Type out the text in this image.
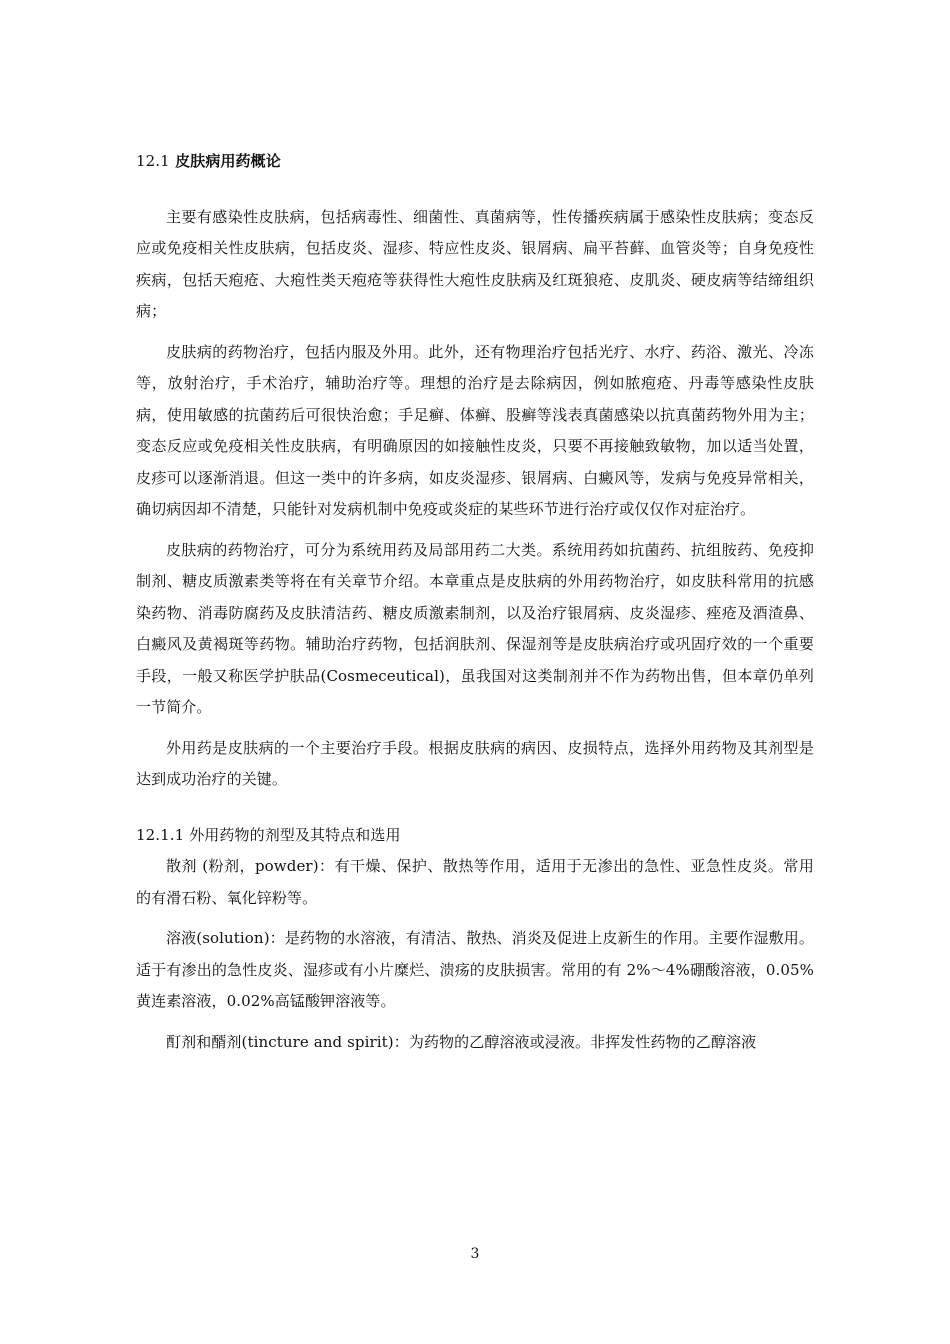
12.1 皮肤病用药概论

主要有感染性皮肤病，包括病毒性、细菌性、真菌病等，性传播疾病属于感染性皮肤病；变态反应或免疫相关性皮肤病，包括皮炎、湿疹、特应性皮炎、银屑病、扁平苔藓、血管炎等；自身免疫性疾病，包括天疱疮、大疱性类天疱疮等获得性大疱性皮肤病及红斑狼疮、皮肌炎、硬皮病等结缔组织病；

皮肤病的药物治疗，包括内服及外用。此外，还有物理治疗包括光疗、水疗、药浴、激光、冷冻等，放射治疗，手术治疗，辅助治疗等。理想的治疗是去除病因，例如脓疱疮、丹毒等感染性皮肤病，使用敏感的抗菌药后可很快治愈；手足癣、体癣、股癣等浅表真菌感染以抗真菌药物外用为主；变态反应或免疫相关性皮肤病，有明确原因的如接触性皮炎，只要不再接触致敏物，加以适当处置，皮疹可以逐渐消退。但这一类中的许多病，如皮炎湿疹、银屑病、白癜风等，发病与免疫异常相关，确切病因却不清楚，只能针对发病机制中免疫或炎症的某些环节进行治疗或仅仅作对症治疗。

皮肤病的药物治疗，可分为系统用药及局部用药二大类。系统用药如抗菌药、抗组胺药、免疫抑制剂、糖皮质激素类等将在有关章节介绍。本章重点是皮肤病的外用药物治疗，如皮肤科常用的抗感染药物、消毒防腐药及皮肤清洁药、糖皮质激素制剂，以及治疗银屑病、皮炎湿疹、痤疮及酒渣鼻、白癜风及黄褐斑等药物。辅助治疗药物，包括润肤剂、保湿剂等是皮肤病治疗或巩固疗效的一个重要手段，一般又称医学护肤品(Cosmeceutical)，虽我国对这类制剂并不作为药物出售，但本章仍单列一节简介。

外用药是皮肤病的一个主要治疗手段。根据皮肤病的病因、皮损特点，选择外用药物及其剂型是达到成功治疗的关键。

12.1.1 外用药物的剂型及其特点和选用

散剂 (粉剂，powder)：有干燥、保护、散热等作用，适用于无渗出的急性、亚急性皮炎。常用的有滑石粉、氧化锌粉等。

溶液(solution)：是药物的水溶液，有清洁、散热、消炎及促进上皮新生的作用。主要作湿敷用。适于有渗出的急性皮炎、湿疹或有小片糜烂、溃疡的皮肤损害。常用的有 2%～4%硼酸溶液，0.05%黄连素溶液，0.02%高锰酸钾溶液等。

酊剂和醑剂(tincture and spirit)：为药物的乙醇溶液或浸液。非挥发性药物的乙醇溶液

3
